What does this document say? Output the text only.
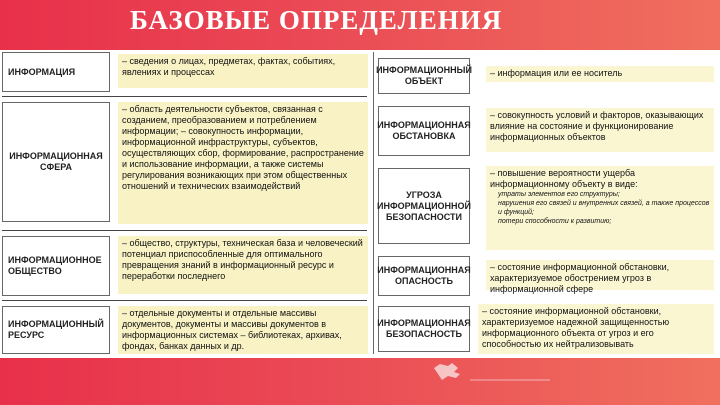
БАЗОВЫЕ ОПРЕДЕЛЕНИЯ
ИНФОРМАЦИЯ
– сведения о лицах, предметах, фактах, событиях, явлениях и процессах
ИНФОРМАЦИОННАЯ СФЕРА
– область деятельности субъектов, связанная с созданием, преобразованием и потреблением информации; – совокупность информации, информационной инфраструктуры, субъектов, осуществляющих сбор, формирование, распространение и использование информации, а также системы регулирования возникающих при этом общественных отношений и технических взаимодействий
ИНФОРМАЦИОННОЕ ОБЩЕСТВО
– общество, структуры, техническая база и человеческий потенциал приспособленные для оптимального превращения знаний в информационный ресурс и переработки последнего
ИНФОРМАЦИОННЫЙ РЕСУРС
– отдельные документы и отдельные массивы документов, документы и массивы документов в информационных системах – библиотеках, архивах, фондах, банках данных и др.
ИНФОРМАЦИОННЫЙ ОБЪЕКТ
– информация или ее носитель
ИНФОРМАЦИОННАЯ ОБСТАНОВКА
– совокупность условий и факторов, оказывающих влияние на состояние и функционирование информационных объектов
УГРОЗА ИНФОРМАЦИОННОЙ БЕЗОПАСНОСТИ
– повышение вероятности ущерба информационному объекту в виде:
утраты элементов его структуры;
нарушения его связей и внутренних связей, а также процессов и функций;
потери способности к развитию;
ИНФОРМАЦИОННАЯ ОПАСНОСТЬ
– состояние информационной обстановки, характеризуемое обострением угроз в информационной сфере
ИНФОРМАЦИОННАЯ БЕЗОПАСНОСТЬ
– состояние информационной обстановки, характеризуемое надежной защищенностью информационного объекта от угроз и его способностью их нейтрализовывать
